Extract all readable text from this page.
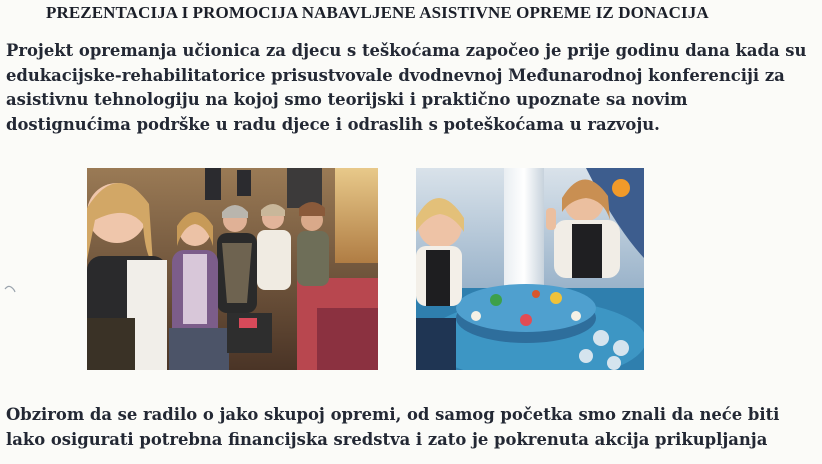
PREZENTACIJA I PROMOCIJA NABAVLJENE ASISTIVNE OPREME IZ DONACIJA
Projekt opremanja učionica za djecu s teškoćama započeo je prije godinu dana kada su
edukacijske-rehabilitatorice prisustvovale dvodnevnoj Međunarodnoj konferenciji za
asistivnu tehnologiju na kojoj smo teorijski i praktično upoznate sa novim
dostignućima podrške u radu djece i odraslih s poteškoćama u razvoju.
Obzirom da se radilo o jako skupoj opremi, od samog početka smo znali da neće biti
lako osigurati potrebna financijska sredstva i zato je pokrenuta akcija prikupljanja
